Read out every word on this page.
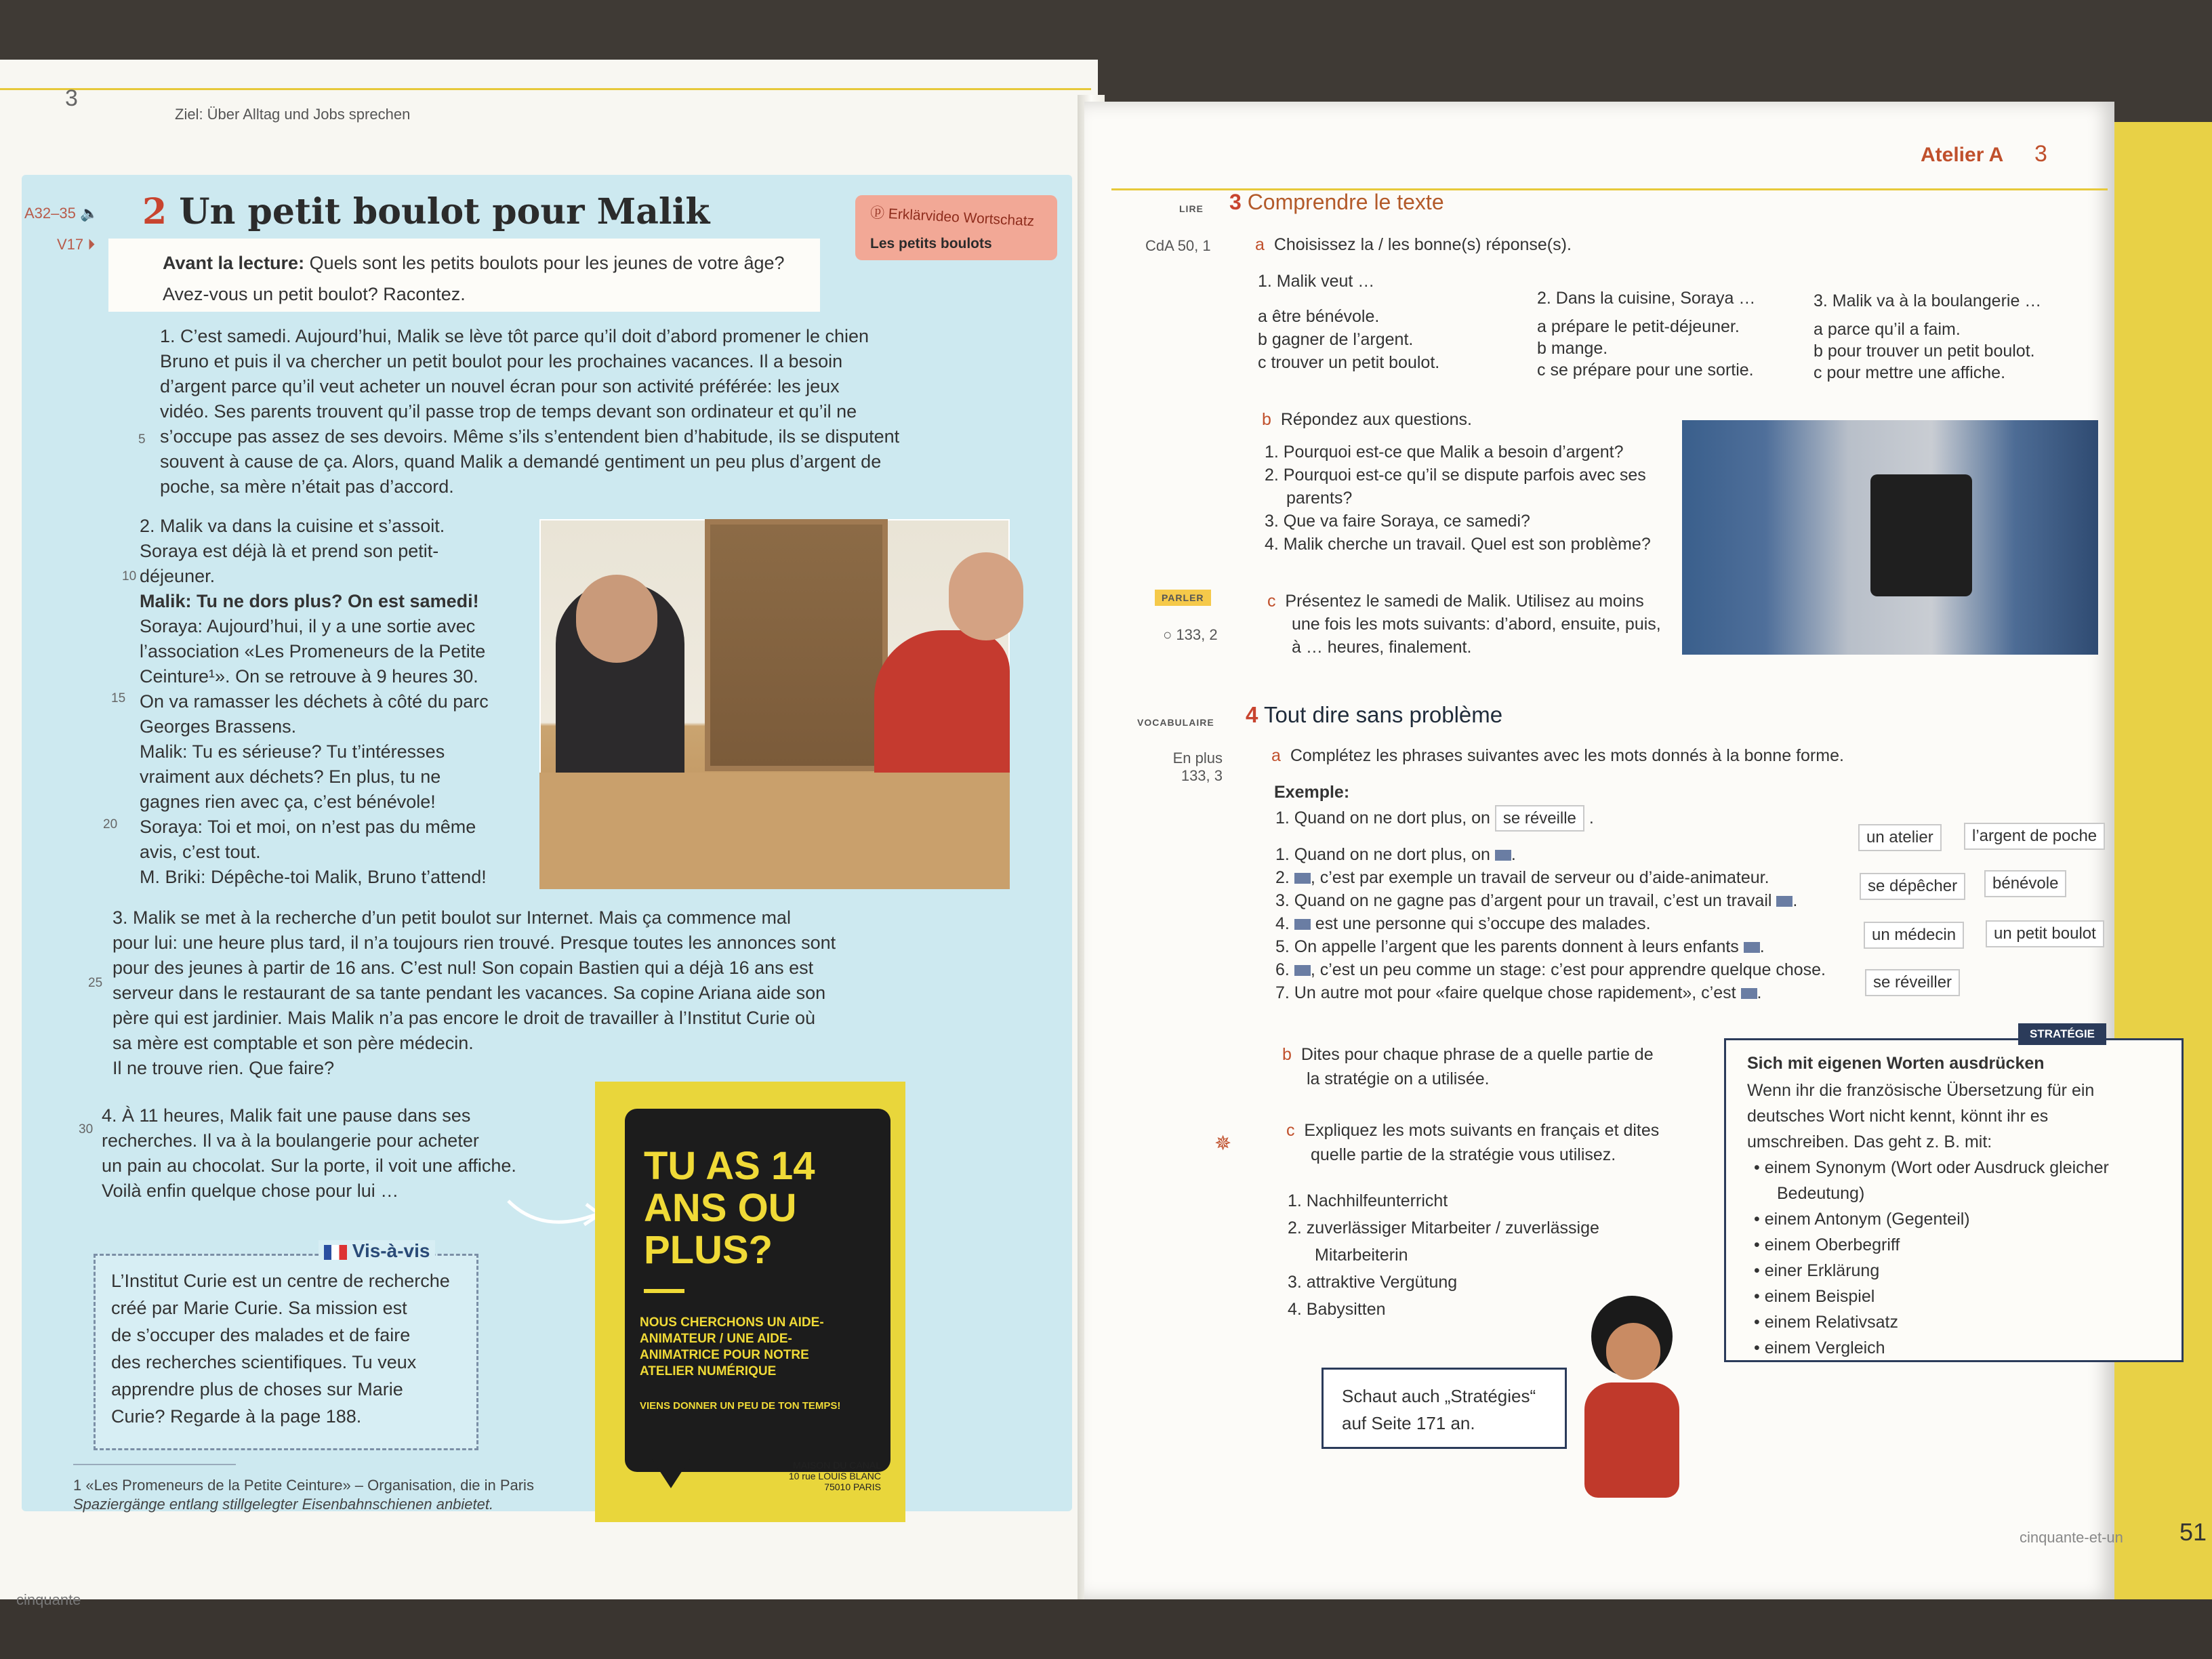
3
Ziel: Über Alltag und Jobs sprechen
A32–35 🔈
V17 ⏵
2 Un petit boulot pour Malik	ⓟ Erklärvideo Wortschatz
Les petits boulots
Avant la lecture: Quels sont les petits boulots pour les jeunes de votre âge?
Avez-vous un petit boulot? Racontez.
1. C’est samedi. Aujourd’hui, Malik se lève tôt parce qu’il doit d’abord promener le chien
Bruno et puis il va chercher un petit boulot pour les prochaines vacances. Il a besoin
d’argent parce qu’il veut acheter un nouvel écran pour son activité préférée: les jeux
vidéo. Ses parents trouvent qu’il passe trop de temps devant son ordinateur et qu’il ne
s’occupe pas assez de ses devoirs. Même s’ils s’entendent bien d’habitude, ils se disputent
souvent à cause de ça. Alors, quand Malik a demandé gentiment un peu plus d’argent de
poche, sa mère n’était pas d’accord.
5
2. Malik va dans la cuisine et s’assoit.
Soraya est déjà là et prend son petit-
déjeuner.
Malik: Tu ne dors plus? On est samedi!
Soraya: Aujourd’hui, il y a une sortie avec
l’association «Les Promeneurs de la Petite
Ceinture¹». On se retrouve à 9 heures 30.
On va ramasser les déchets à côté du parc
Georges Brassens.
Malik: Tu es sérieuse? Tu t’intéresses
vraiment aux déchets? En plus, tu ne
gagnes rien avec ça, c’est bénévole!
Soraya: Toi et moi, on n’est pas du même
avis, c’est tout.
M. Briki: Dépêche-toi Malik, Bruno t’attend!
10
15
20
3. Malik se met à la recherche d’un petit boulot sur Internet. Mais ça commence mal
pour lui: une heure plus tard, il n’a toujours rien trouvé. Presque toutes les annonces sont
pour des jeunes à partir de 16 ans. C’est nul! Son copain Bastien qui a déjà 16 ans est
serveur dans le restaurant de sa tante pendant les vacances. Sa copine Ariana aide son
père qui est jardinier. Mais Malik n’a pas encore le droit de travailler à l’Institut Curie où
sa mère est comptable et son père médecin.
Il ne trouve rien. Que faire?
25
4. À 11 heures, Malik fait une pause dans ses
recherches. Il va à la boulangerie pour acheter
un pain au chocolat. Sur la porte, il voit une affiche.
Voilà enfin quelque chose pour lui …
30
Vis-à-vis
L’Institut Curie est un centre de recherche
créé par Marie Curie. Sa mission est
de s’occuper des malades et de faire
des recherches scientifiques. Tu veux
apprendre plus de choses sur Marie
Curie? Regarde à la page 188.
TU AS 14
ANS OU
PLUS?
NOUS CHERCHONS UN AIDE-
ANIMATEUR / UNE AIDE-
ANIMATRICE POUR NOTRE
ATELIER NUMÉRIQUE
VIENS DONNER UN PEU DE TON TEMPS!
MAISON DU CANAL
10 rue LOUIS BLANC
75010 PARIS
1 «Les Promeneurs de la Petite Ceinture» – Organisation, die in Paris
Spaziergänge entlang stillgelegter Eisenbahnschienen anbietet.
cinquante
Atelier A 3
LIRE 3 Comprendre le texte
CdA 50, 1	a Choisissez la / les bonne(s) réponse(s).
1. Malik veut …
a être bénévole.
b gagner de l’argent.
c trouver un petit boulot.
2. Dans la cuisine, Soraya …
a prépare le petit-déjeuner.
b mange.
c se prépare pour une sortie.
3. Malik va à la boulangerie …
a parce qu’il a faim.
b pour trouver un petit boulot.
c pour mettre une affiche.
b Répondez aux questions.
1. Pourquoi est-ce que Malik a besoin d’argent?
2. Pourquoi est-ce qu’il se dispute parfois avec ses
parents?
3. Que va faire Soraya, ce samedi?
4. Malik cherche un travail. Quel est son problème?
PARLER
○ 133, 2
c Présentez le samedi de Malik. Utilisez au moins
une fois les mots suivants: d’abord, ensuite, puis,
à … heures, finalement.
VOCABULAIRE 4 Tout dire sans problème
En plus
133, 3
a Complétez les phrases suivantes avec les mots donnés à la bonne forme.
Exemple:
1. Quand on ne dort plus, on se réveille .
1. Quand on ne dort plus, on .
2. , c’est par exemple un travail de serveur ou d’aide-animateur.
3. Quand on ne gagne pas d’argent pour un travail, c’est un travail .
4.  est une personne qui s’occupe des malades.
5. On appelle l’argent que les parents donnent à leurs enfants .
6. , c’est un peu comme un stage: c’est pour apprendre quelque chose.
7. Un autre mot pour «faire quelque chose rapidement», c’est .
un atelier	l’argent de poche
se dépêcher	bénévole
un médecin	un petit boulot
se réveiller
b Dites pour chaque phrase de a quelle partie de
la stratégie on a utilisée.
✵
c Expliquez les mots suivants en français et dites
quelle partie de la stratégie vous utilisez.
1. Nachhilfeunterricht
2. zuverlässiger Mitarbeiter / zuverlässige
Mitarbeiterin
3. attraktive Vergütung
4. Babysitten
STRATÉGIE
Sich mit eigenen Worten ausdrücken
Wenn ihr die französische Übersetzung für ein
deutsches Wort nicht kennt, könnt ihr es
umschreiben. Das geht z. B. mit:
• einem Synonym (Wort oder Ausdruck gleicher
Bedeutung)
• einem Antonym (Gegenteil)
• einem Oberbegriff
• einer Erklärung
• einem Beispiel
• einem Relativsatz
• einem Vergleich
Schaut auch „Stratégies“
auf Seite 171 an.
cinquante-et-un 51
